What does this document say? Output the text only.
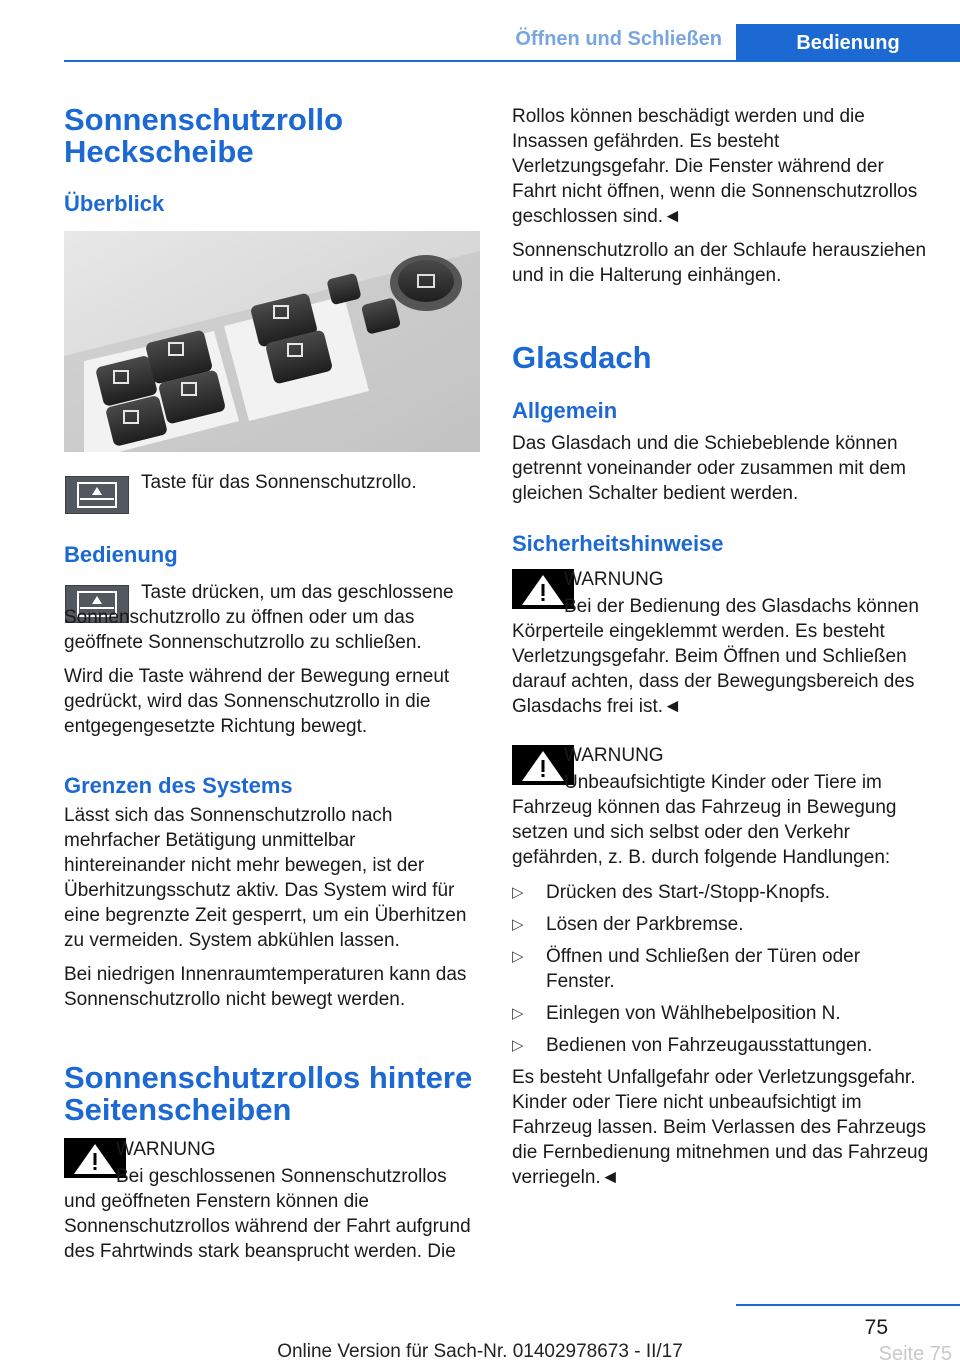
Öffnen und Schließen	Bedienung
Sonnenschutzrollo Heckscheibe
Überblick
Taste für das Sonnenschutzrollo.
Bedienung

Taste drücken, um das geschlossene Sonnenschutzrollo zu öffnen oder um das geöffnete Sonnenschutzrollo zu schließen.

Wird die Taste während der Bewegung erneut gedrückt, wird das Sonnenschutzrollo in die entgegengesetzte Richtung bewegt.

Grenzen des Systems

Lässt sich das Sonnenschutzrollo nach mehrfacher Betätigung unmittelbar hintereinander nicht mehr bewegen, ist der Überhitzungsschutz aktiv. Das System wird für eine begrenzte Zeit gesperrt, um ein Überhitzen zu vermeiden. System abkühlen lassen.

Bei niedrigen Innenraumtemperaturen kann das Sonnenschutzrollo nicht bewegt werden.

Sonnenschutzrollos hintere Seitenscheiben

WARNUNG

Bei geschlossenen Sonnenschutzrollos und geöffneten Fenstern können die Sonnenschutzrollos während der Fahrt aufgrund des Fahrtwinds stark beansprucht werden. Die

Rollos können beschädigt werden und die Insassen gefährden. Es besteht Verletzungsgefahr. Die Fenster während der Fahrt nicht öffnen, wenn die Sonnenschutzrollos geschlossen sind.◄

Sonnenschutzrollo an der Schlaufe herausziehen und in die Halterung einhängen.

Glasdach
Allgemein
Das Glasdach und die Schiebeblende können getrennt voneinander oder zusammen mit dem gleichen Schalter bedient werden.
Sicherheitshinweise

WARNUNG

Bei der Bedienung des Glasdachs können Körperteile eingeklemmt werden. Es besteht Verletzungsgefahr. Beim Öffnen und Schließen darauf achten, dass der Bewegungsbereich des Glasdachs frei ist.◄

WARNUNG

Unbeaufsichtigte Kinder oder Tiere im Fahrzeug können das Fahrzeug in Bewegung setzen und sich selbst oder den Verkehr gefährden, z. B. durch folgende Handlungen:

▷ Drücken des Start-/Stopp-Knopfs.
▷ Lösen der Parkbremse.
▷ Öffnen und Schließen der Türen oder Fenster.
▷ Einlegen von Wählhebelposition N.
▷ Bedienen von Fahrzeugausstattungen.

Es besteht Unfallgefahr oder Verletzungsgefahr. Kinder oder Tiere nicht unbeaufsichtigt im Fahrzeug lassen. Beim Verlassen des Fahrzeugs die Fernbedienung mitnehmen und das Fahrzeug verriegeln.◄

75
Online Version für Sach-Nr. 01402978673 - II/17	Seite 75
